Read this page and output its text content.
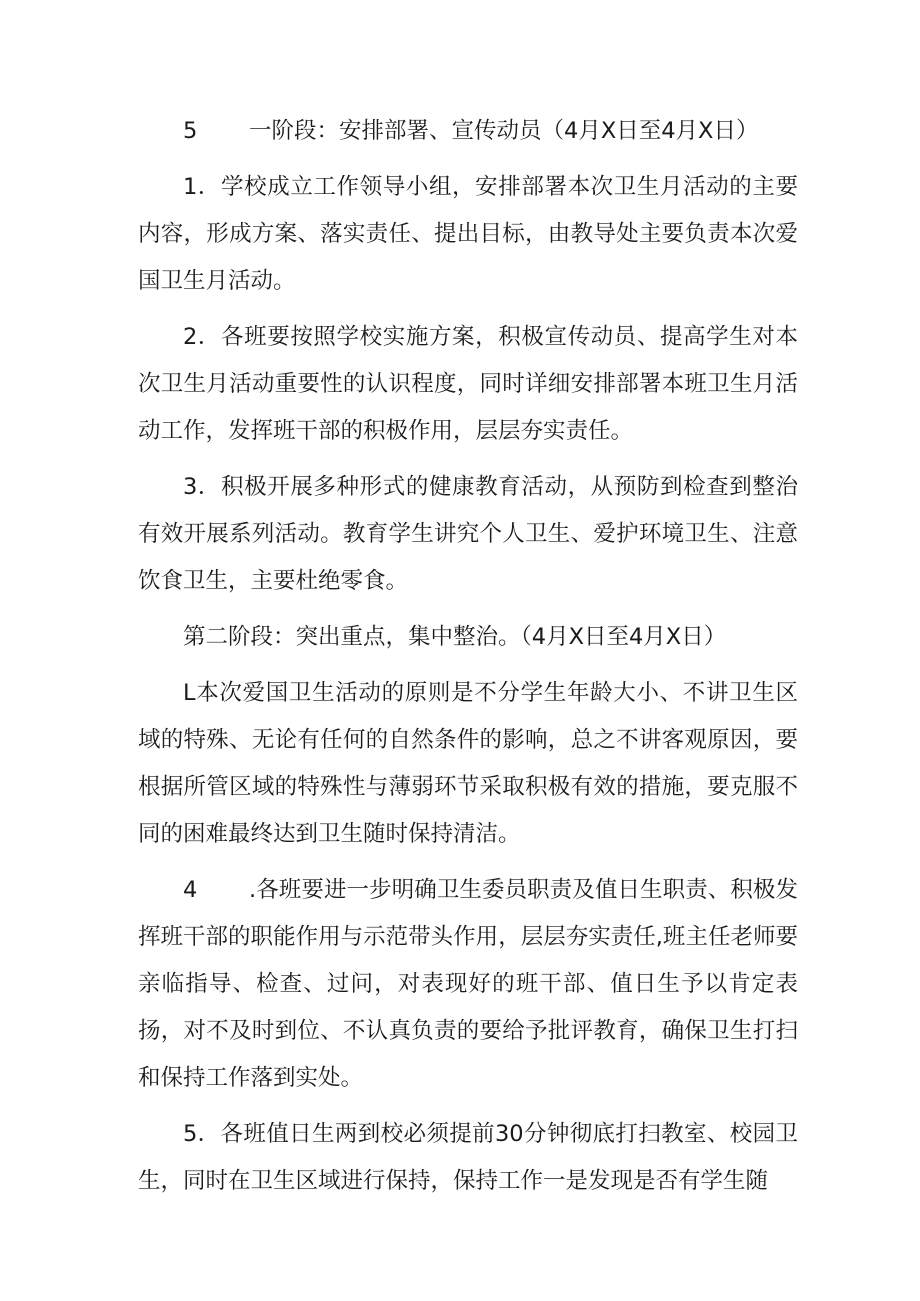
5 一阶段：安排部署、宣传动员（4月X日至4月X日）

1．学校成立工作领导小组，安排部署本次卫生月活动的主要内容，形成方案、落实责任、提出目标，由教导处主要负责本次爱国卫生月活动。

2．各班要按照学校实施方案，积极宣传动员、提高学生对本次卫生月活动重要性的认识程度，同时详细安排部署本班卫生月活动工作，发挥班干部的积极作用，层层夯实责任。

3．积极开展多种形式的健康教育活动，从预防到检查到整治有效开展系列活动。教育学生讲究个人卫生、爱护环境卫生、注意饮食卫生，主要杜绝零食。

第二阶段：突出重点，集中整治。（4月X日至4月X日）

L本次爱国卫生活动的原则是不分学生年龄大小、不讲卫生区域的特殊、无论有任何的自然条件的影响，总之不讲客观原因，要根据所管区域的特殊性与薄弱环节采取积极有效的措施，要克服不同的困难最终达到卫生随时保持清洁。

4 .各班要进一步明确卫生委员职责及值日生职责、积极发挥班干部的职能作用与示范带头作用，层层夯实责任,班主任老师要亲临指导、检查、过问，对表现好的班干部、值日生予以肯定表扬，对不及时到位、不认真负责的要给予批评教育，确保卫生打扫和保持工作落到实处。

5．各班值日生两到校必须提前30分钟彻底打扫教室、校园卫生，同时在卫生区域进行保持，保持工作一是发现是否有学生随
